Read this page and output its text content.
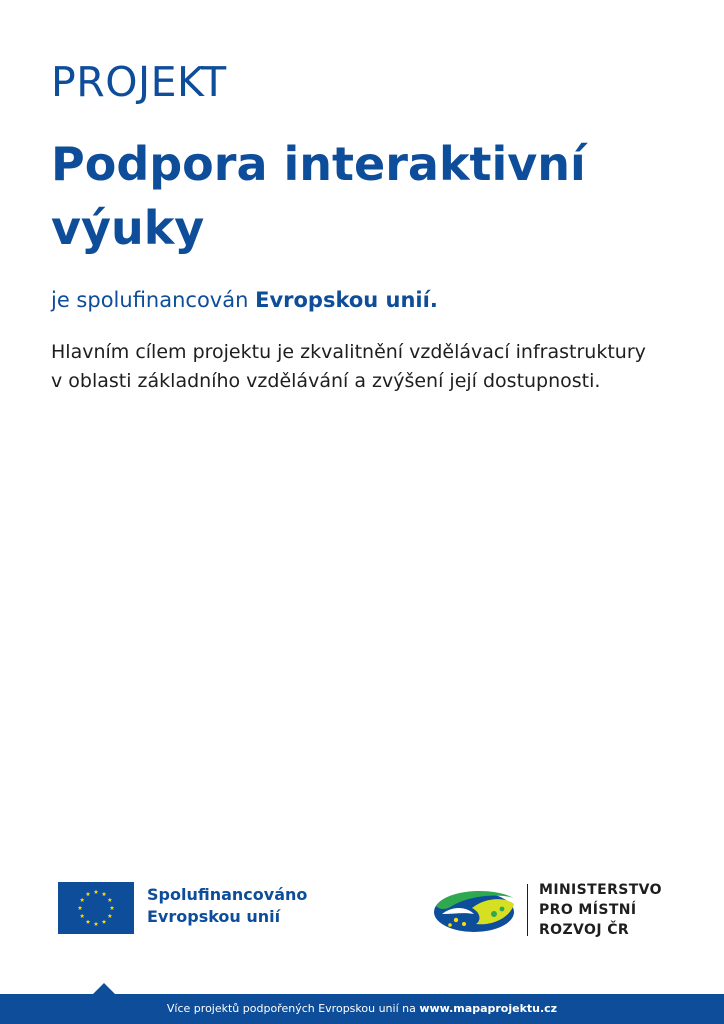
PROJEKT
Podpora interaktivní výuky

je spolufinancován Evropskou unií.

Hlavním cílem projektu je zkvalitnění vzdělávací infrastruktury
v oblasti základního vzdělávání a zvýšení její dostupnosti.

Spolufinancováno
Evropskou unií
MINISTERSTVO
PRO MÍSTNÍ
ROZVOJ ČR
Více projektů podpořených Evropskou unií na www.mapaprojektu.cz
